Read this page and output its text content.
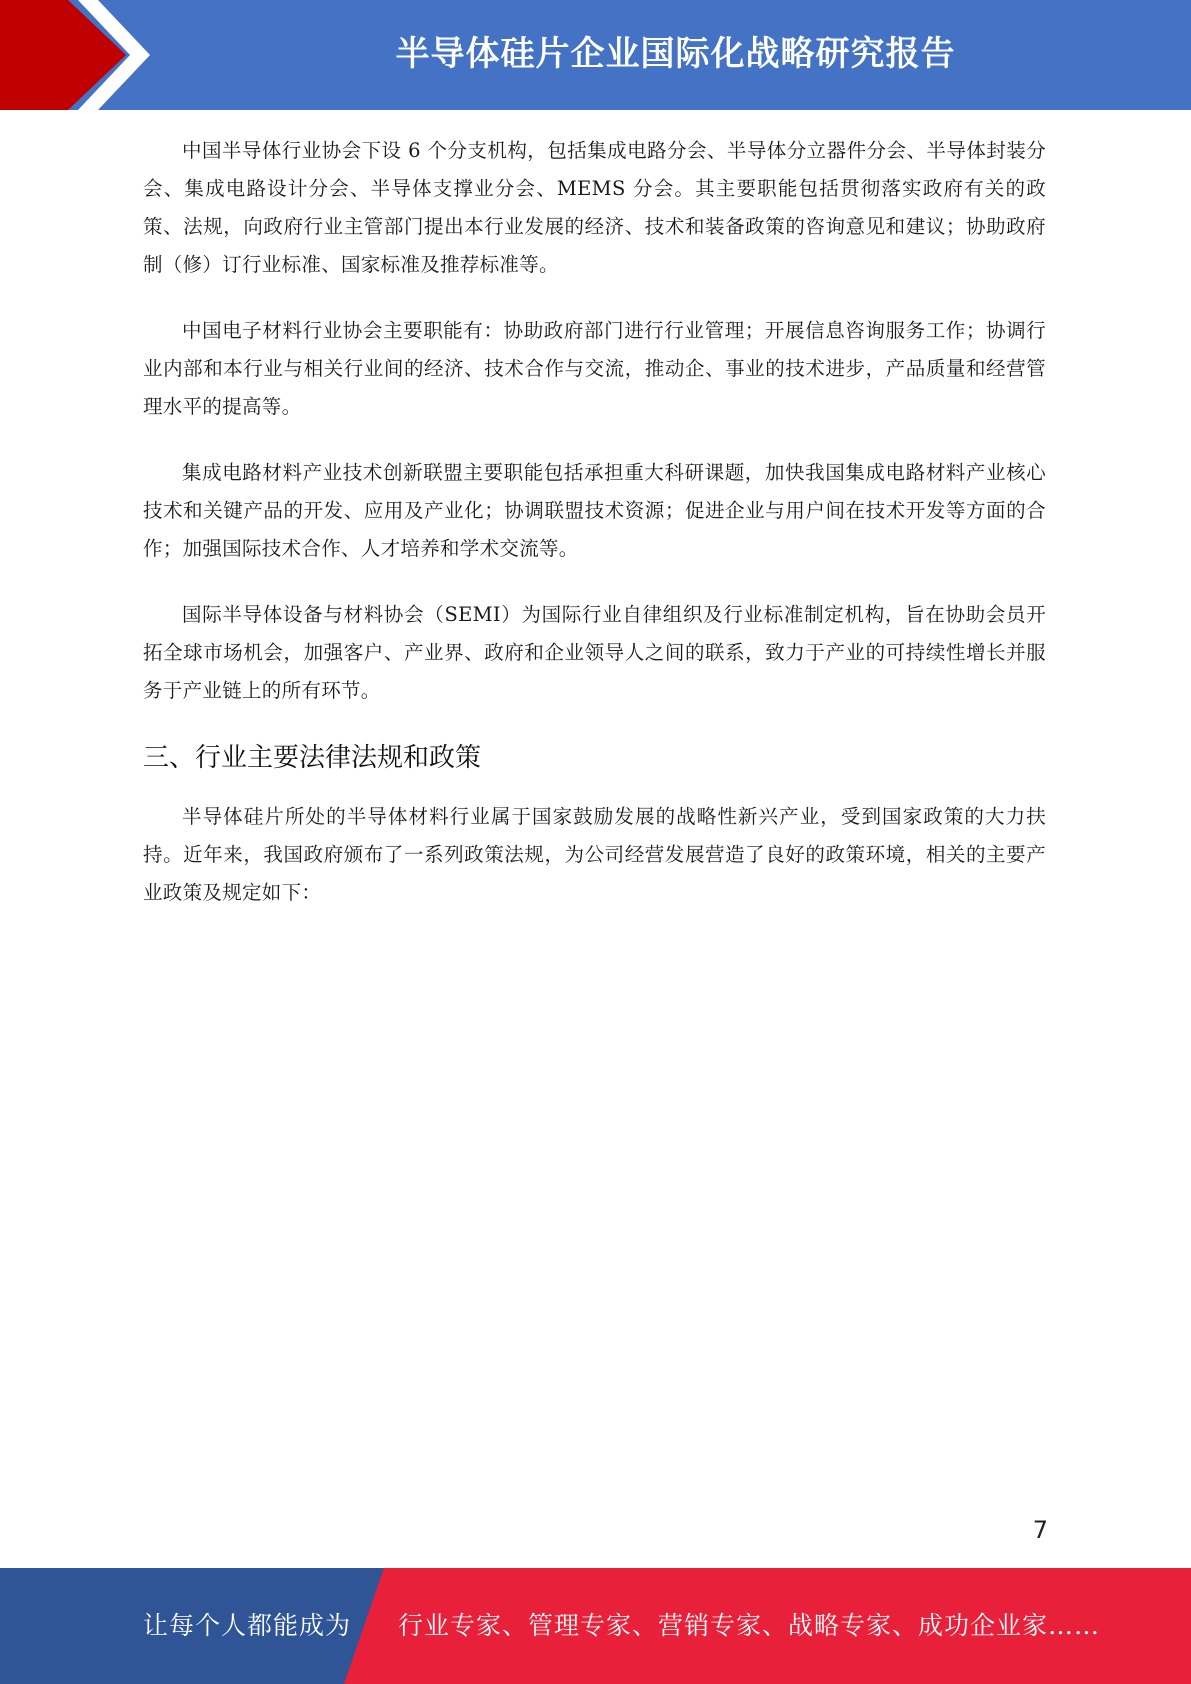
半导体硅片企业国际化战略研究报告

中国半导体行业协会下设 6 个分支机构，包括集成电路分会、半导体分立器件分会、半导体封装分会、集成电路设计分会、半导体支撑业分会、MEMS 分会。其主要职能包括贯彻落实政府有关的政策、法规，向政府行业主管部门提出本行业发展的经济、技术和装备政策的咨询意见和建议；协助政府制（修）订行业标准、国家标准及推荐标准等。

中国电子材料行业协会主要职能有：协助政府部门进行行业管理；开展信息咨询服务工作；协调行业内部和本行业与相关行业间的经济、技术合作与交流，推动企、事业的技术进步，产品质量和经营管理水平的提高等。

集成电路材料产业技术创新联盟主要职能包括承担重大科研课题，加快我国集成电路材料产业核心技术和关键产品的开发、应用及产业化；协调联盟技术资源；促进企业与用户间在技术开发等方面的合作；加强国际技术合作、人才培养和学术交流等。

国际半导体设备与材料协会（SEMI）为国际行业自律组织及行业标准制定机构，旨在协助会员开拓全球市场机会，加强客户、产业界、政府和企业领导人之间的联系，致力于产业的可持续性增长并服务于产业链上的所有环节。

三、行业主要法律法规和政策

半导体硅片所处的半导体材料行业属于国家鼓励发展的战略性新兴产业，受到国家政策的大力扶持。近年来，我国政府颁布了一系列政策法规，为公司经营发展营造了良好的政策环境，相关的主要产业政策及规定如下：

7
让每个人都能成为 行业专家、管理专家、营销专家、战略专家、成功企业家……
